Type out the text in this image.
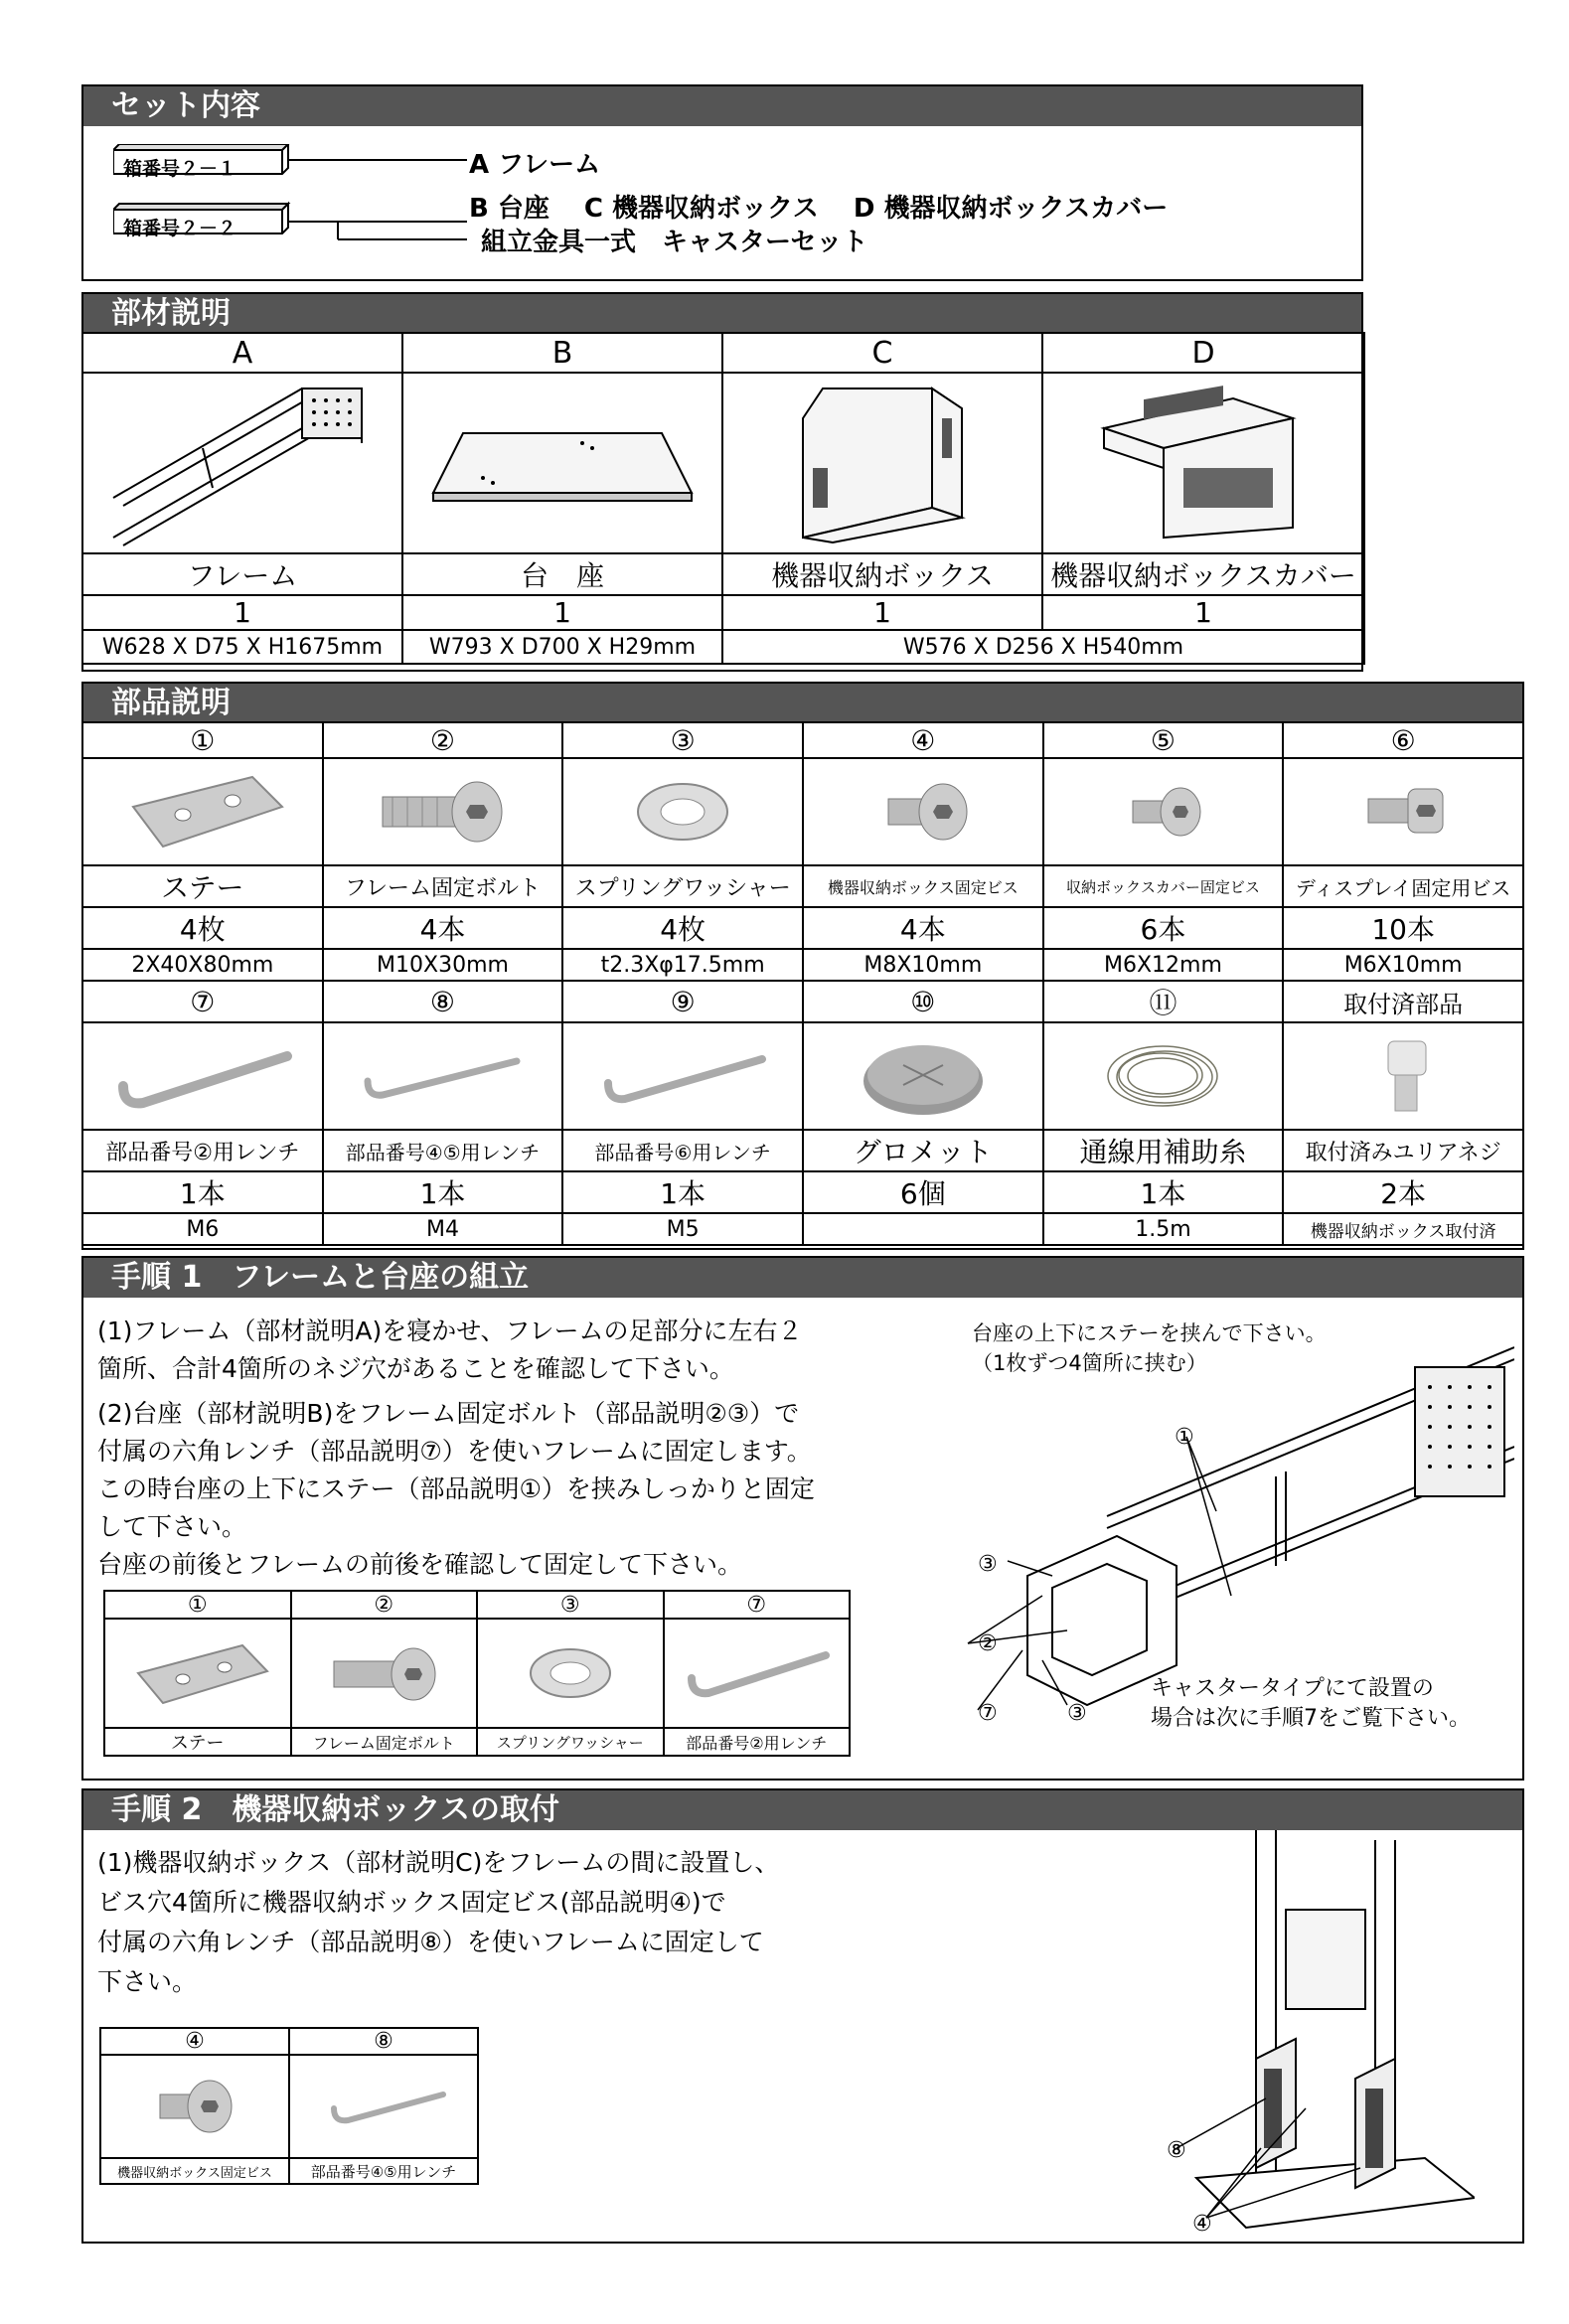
セット内容
箱番号２－１
箱番号２－２
A フレーム
B 台座　 C 機器収納ボックス　 D 機器収納ボックスカバー
組立金具一式　キャスターセット
部材説明
A	B	C	D

フレーム	台　座	機器収納ボックス	機器収納ボックスカバー
1	1	1	1
W628 X D75 X H1675mm	W793 X D700 X H29mm	W576 X D256 X H540mm	
部品説明
①	②	③	④	⑤	⑥

ステー	フレーム固定ボルト	スプリングワッシャー	機器収納ボックス固定ビス	収納ボックスカバー固定ビス	ディスプレイ固定用ビス
4枚	4本	4枚	4本	6本	10本
2X40X80mm	M10X30mm	t2.3Xφ17.5mm	M8X10mm	M6X12mm	M6X10mm
⑦	⑧	⑨	⑩	⑪	取付済部品

部品番号②用レンチ	部品番号④⑤用レンチ	部品番号⑥用レンチ	グロメット	通線用補助糸	取付済みユリアネジ
1本	1本	1本	6個	1本	2本
M6	M4	M5		1.5m	機器収納ボックス取付済
手順 1　フレームと台座の組立
(1)フレーム（部材説明A)を寝かせ、フレームの足部分に左右２
箇所、合計4箇所のネジ穴があることを確認して下さい。
(2)台座（部材説明B)をフレーム固定ボルト（部品説明②③）で
付属の六角レンチ（部品説明⑦）を使いフレームに固定します。
この時台座の上下にステー（部品説明①）を挟みしっかりと固定
して下さい。
台座の前後とフレームの前後を確認して固定して下さい。
①	②	③	⑦

ステー	フレーム固定ボルト	スプリングワッシャー	部品番号②用レンチ
台座の上下にステーを挟んで下さい。
（1枚ずつ4箇所に挟む）
①
③
②
⑦	③
キャスタータイプにて設置の
場合は次に手順7をご覧下さい。
手順 2　機器収納ボックスの取付
(1)機器収納ボックス（部材説明C)をフレームの間に設置し、
ビス穴4箇所に機器収納ボックス固定ビス(部品説明④)で
付属の六角レンチ（部品説明⑧）を使いフレームに固定して
下さい。
④	⑧

機器収納ボックス固定ビス	部品番号④⑤用レンチ
⑧
④
